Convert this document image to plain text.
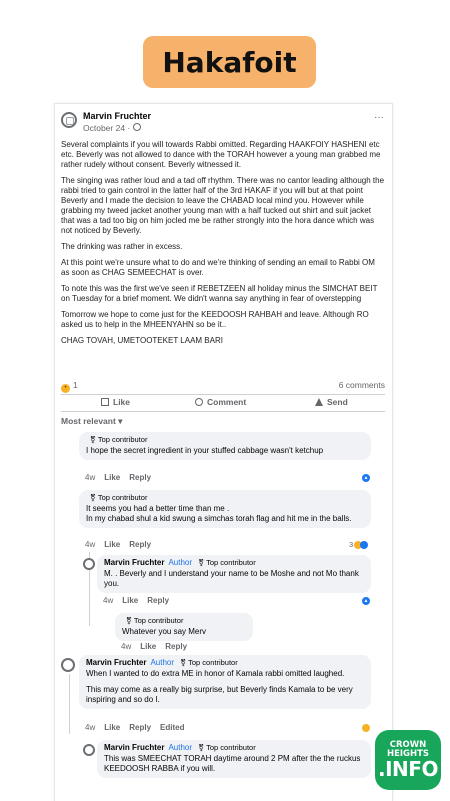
Hakafoit
Marvin Fruchter
October 24 ·
···

Several complaints if you will towards Rabbi omitted. Regarding HAAKFOIY HASHENI etc etc. Beverly was not allowed to dance with the TORAH however a young man grabbed me rather rudely without consent. Beverly witnessed it.

The singing was rather loud and a tad off rhythm. There was no cantor leading although the rabbi tried to gain control in the latter half of the 3rd HAKAF if you will but at that point Beverly and I made the decision to leave the CHABAD local mind you. However while grabbing my tweed jacket another young man with a half tucked out shirt and suit jacket that was a tad too big on him jocled me be rather strongly into the hora dance which was not noticed by Beverly.

The drinking was rather in excess.

At this point we're unsure what to do and we're thinking of sending an email to Rabbi OM as soon as CHAG SEMEECHAT is over.

To note this was the first we've seen if REBETZEEN all holiday minus the SIMCHAT BEIT on Tuesday for a brief moment. We didn't wanna say anything in fear of overstepping

Tomorrow we hope to come just for the KEEDOOSH RAHBAH and leave. Although RO asked us to help in the MHEENYAHN so be it..

CHAG TOVAH, UMETOOTEKET LAAM BARI

• 1	6 comments
Like	Comment	Send
Most relevant ▾
⚧ Top contributor

I hope the secret ingredient in your stuffed cabbage wasn't ketchup

4w Like Reply	▲
⚧ Top contributor

It seems you had a better time than me .

In my chabad shul a kid swung a simchas torah flag and hit me in the balls.

4w Like Reply	3
Marvin Fruchter Author ⚧ Top contributor

M. . Beverly and I understand your name to be Moshe and not Mo thank you.

4w Like Reply	▲
⚧ Top contributor

Whatever you say Merv

4w Like Reply
Marvin Fruchter Author ⚧ Top contributor

When I wanted to do extra ME in honor of Kamala rabbi omitted laughed.

This may come as a really big surprise, but Beverly finds Kamala to be very inspiring and so do I.

4w Like Reply Edited
Marvin Fruchter Author ⚧ Top contributor

This was SMEECHAT TORAH daytime around 2 PM after the the ruckus KEEDOOSH RABBA if you will.

CROWN
HEIGHTS
.INFO
